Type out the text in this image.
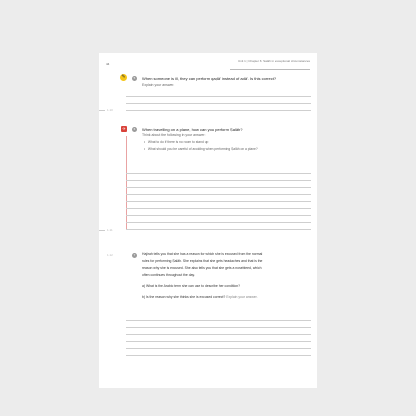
44
Unit 1 | Chapter 6: Salāh in exceptional circumstances
✎	5	When someone is ill, they can perform qaḍā' instead of adā'. Is this correct?
Explain your answer.
1.10
✈	6	When travelling on a plane, how can you perform Ṣalāh?
Think about the following in your answer:
•   What to do if there is no room to stand up
•   What should you be careful of avoiding when performing Ṣalāh on a plane?
1.11
7	Hajirah tells you that she has a reason for which she is excused from the normal
rules for performing Ṣalāh. She explains that she gets headaches and that is the
reason why she is excused. She also tells you that she gets a nosebleed, which
often continues throughout the day.
a) What is the Arabic term she can use to describe her condition?
b) Is the reason why she thinks she is excused correct? Explain your answer.
1.12
